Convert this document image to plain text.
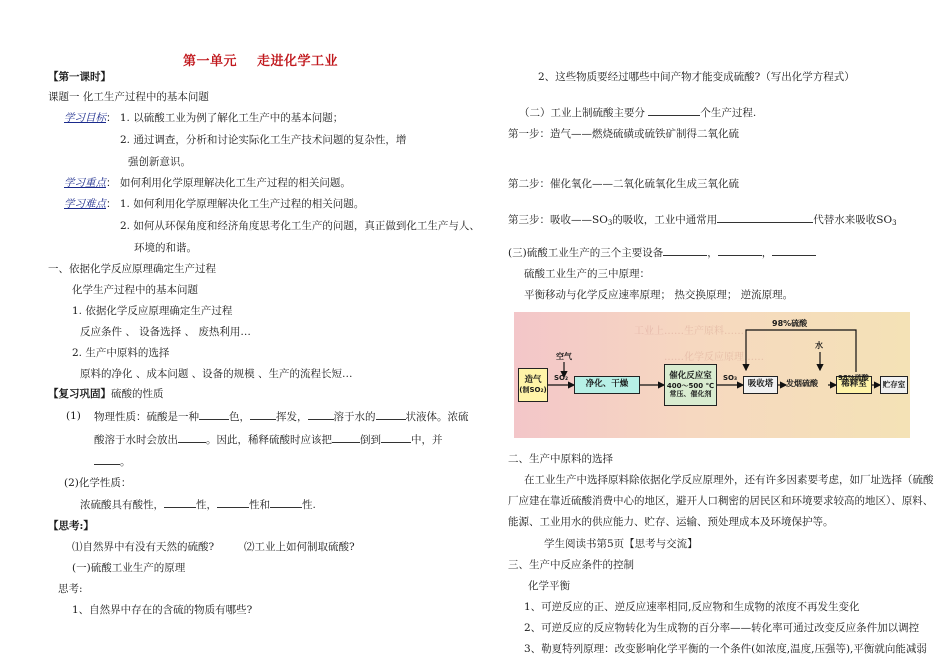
第一单元 走进化学工业
【第一课时】
课题一 化工生产过程中的基本问题
学习目标： 1. 以硫酸工业为例了解化工生产中的基本问题；
2. 通过调查，分析和讨论实际化工生产技术问题的复杂性，增
强创新意识。
学习重点： 如何利用化学原理解决化工生产过程的相关问题。
学习难点： 1. 如何利用化学原理解决化工生产过程的相关问题。
2. 如何从环保角度和经济角度思考化工生产的问题，真正做到化工生产与人、
环境的和谐。
一、依据化学反应原理确定生产过程
化学生产过程中的基本问题
1. 依据化学反应原理确定生产过程
反应条件 、 设备选择 、 废热利用…
2. 生产中原料的选择
原料的净化 、成本问题 、设备的规模 、生产的流程长短…
【复习巩固】硫酸的性质
(1) 物理性质：硫酸是一种	色， 挥发， 溶于水的	状液体。浓硫
酸溶于水时会放出	。因此，稀释硫酸时应该把	倒到	中，并
。
(2)化学性质：
浓硫酸具有酸性，	性，	性和	性.
【思考:】
⑴自然界中有没有天然的硫酸?	⑵工业上如何制取硫酸?
(一)硫酸工业生产的原理
思考:
1、自然界中存在的含硫的物质有哪些?
2、这些物质要经过哪些中间产物才能变成硫酸?（写出化学方程式）
（二）工业上制硫酸主要分	个生产过程.
第一步：造气——燃烧硫磺或硫铁矿制得二氧化硫
第二步：催化氧化——二氧化硫氧化生成三氧化硫
第三步：吸收$——SO_3$的吸收，工业中通常用	代替水来吸收$SO_3$
(三)硫酸工业生产的三个主要设备	，	，
硫酸工业生产的三中原理：
平衡移动与化学反应速率原理； 热交换原理； 逆流原理。
工业上……生产原料……
……化学反应原理……
造气
(制SO₂)
空气
SO₂
净化、干燥
催化反应室
400～500 ℃
常压、催化剂
SO₃
吸收塔 发烟硫酸	稀释室
98%硫酸
水
贮存室
98%硫酸
二、生产中原料的选择
在工业生产中选择原料除依据化学反应原理外，还有许多因素要考虑，如厂址选择（硫酸
厂应建在靠近硫酸消费中心的地区，避开人口稠密的居民区和环境要求较高的地区）、原料、
能源、工业用水的供应能力、贮存、运输、预处理成本及环境保护等。
学生阅读书第5页【思考与交流】
三、生产中反应条件的控制
化学平衡
1、可逆反应的正、逆反应速率相同,反应物和生成物的浓度不再发生变化
2、可逆反应的反应物转化为生成物的百分率——转化率可通过改变反应条件加以调控
3、勒夏特列原理：改变影响化学平衡的一个条件(如浓度,温度,压强等),平衡就向能减弱
